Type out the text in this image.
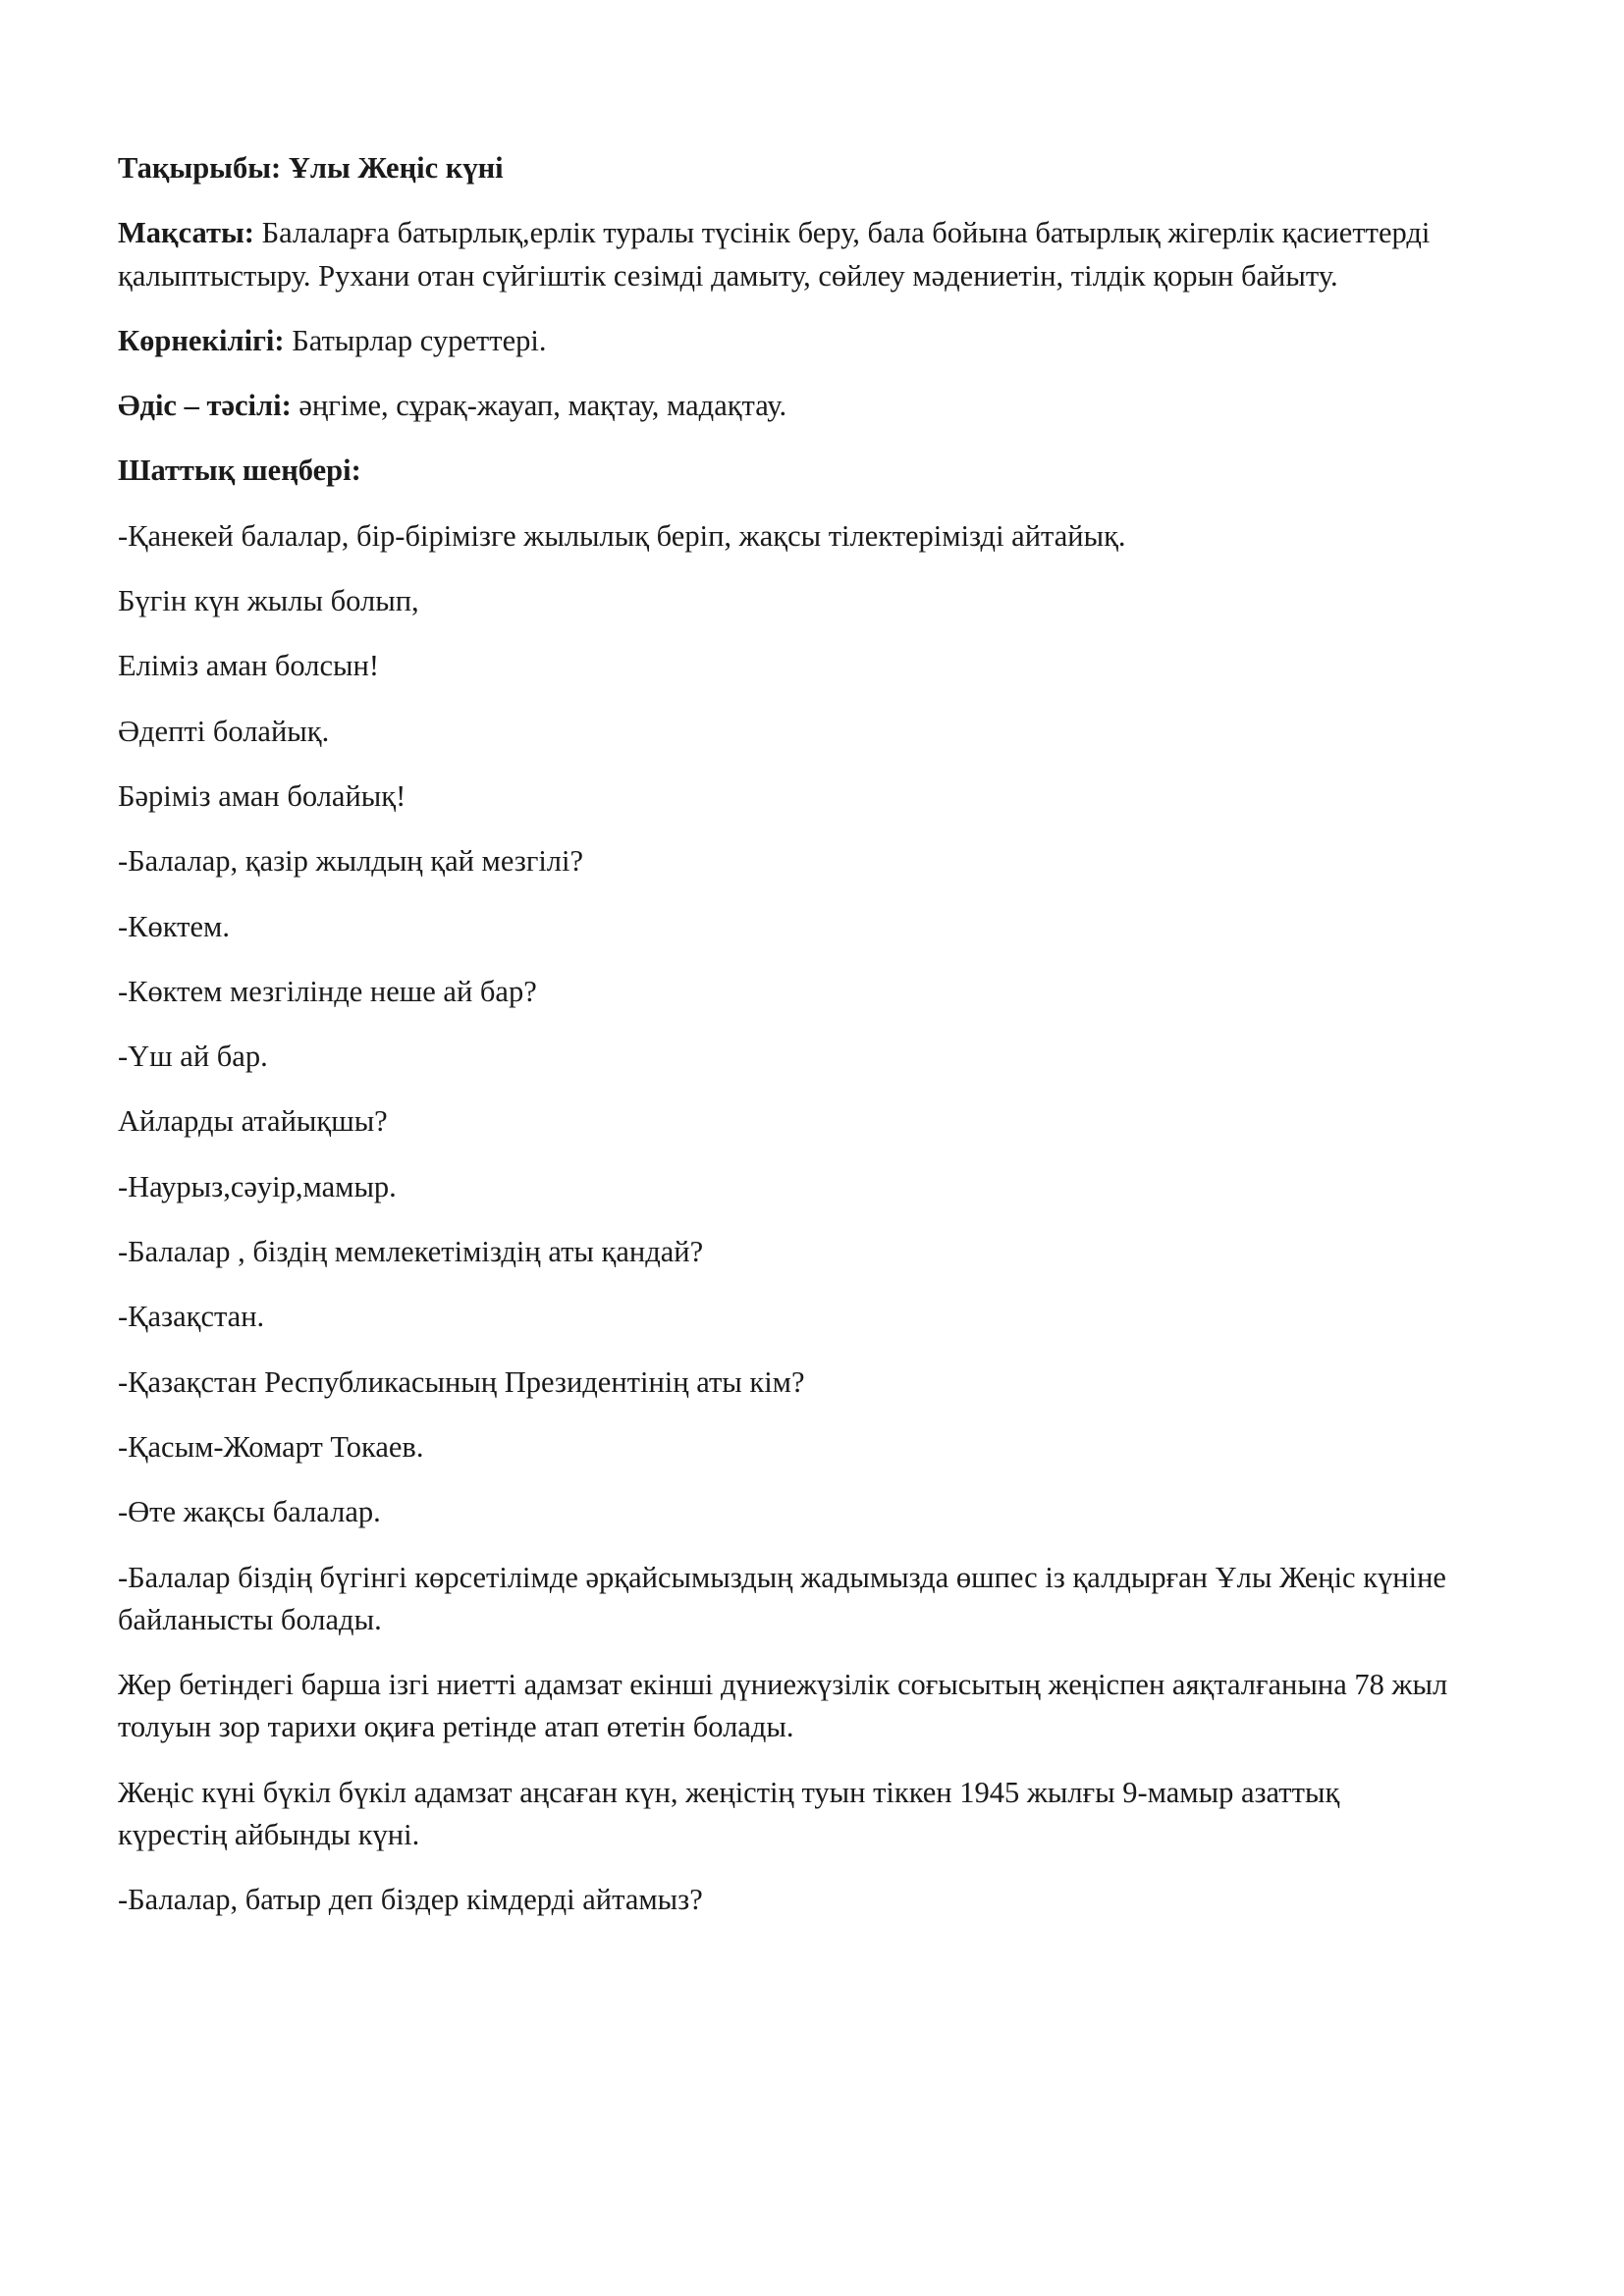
Тақырыбы: Ұлы Жеңіс күні

Мақсаты: Балаларға батырлық,ерлік туралы түсінік беру, бала бойына батырлық жігерлік қасиеттерді қалыптыстыру. Рухани отан сүйгіштік сезімді дамыту, сөйлеу мәдениетін, тілдік қорын байыту.

Көрнекілігі: Батырлар суреттері.

Әдіс – тәсілі: әңгіме, сұрақ-жауап, мақтау, мадақтау.

Шаттық шеңбері:

-Қанекей балалар, бір-бірімізге жылылық беріп, жақсы тілектерімізді айтайық.

Бүгін күн жылы болып,

Еліміз аман болсын!

Әдепті болайық.

Бәріміз аман болайық!

-Балалар, қазір жылдың қай мезгілі?

-Көктем.

-Көктем мезгілінде неше ай бар?

-Үш ай бар.

Айларды атайықшы?

-Наурыз,сәуір,мамыр.

-Балалар , біздің мемлекетіміздің аты қандай?

-Қазақстан.

-Қазақстан Республикасының Президентінің аты кім?

-Қасым-Жомарт Токаев.

-Өте жақсы балалар.

-Балалар біздің бүгінгі көрсетілімде әрқайсымыздың жадымызда өшпес із қалдырған Ұлы Жеңіс күніне байланысты болады.

Жер бетіндегі барша ізгі ниетті адамзат екінші дүниежүзілік соғысытың жеңіспен аяқталғанына 78 жыл толуын зор тарихи оқиға ретінде атап өтетін болады.

Жеңіс күні бүкіл бүкіл адамзат аңсаған күн, жеңістің туын тіккен 1945 жылғы 9-мамыр азаттық күрестің айбынды күні.

-Балалар, батыр деп біздер кімдерді айтамыз?
